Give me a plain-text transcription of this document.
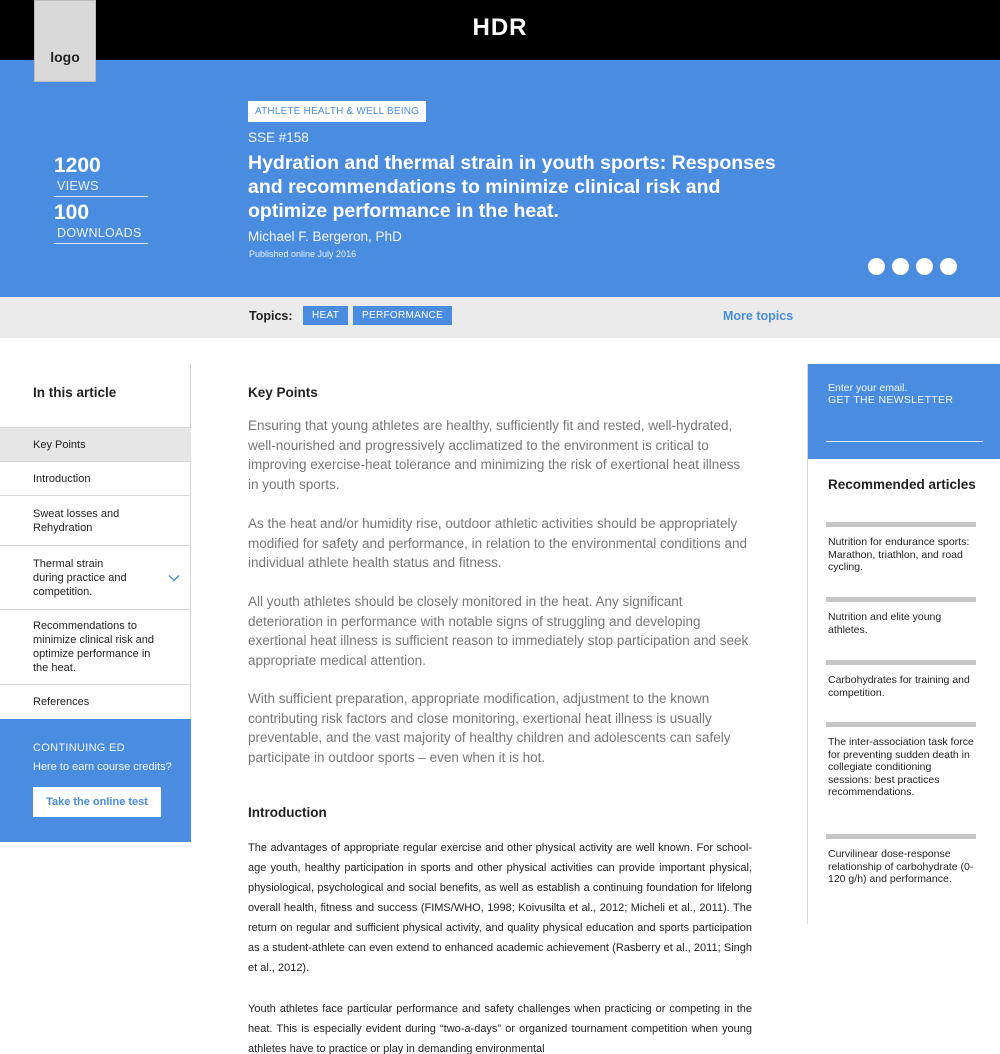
HDR
logo
1200
VIEWS
100
DOWNLOADS
ATHLETE HEALTH & WELL BEING
SSE #158
Hydration and thermal strain in youth sports: Responses and recommendations to minimize clinical risk and optimize performance in the heat.
Michael F. Bergeron, PhD
Published online July 2016
Topics:	HEAT	PERFORMANCE	More topics
In this article
Key Points
Introduction
Sweat losses and Rehydration
Thermal strain during practice and competition.
Recommendations to minimize clinical risk and optimize performance in the heat.
References
CONTINUING ED
Here to earn course credits?
Take the online test
Key Points

Ensuring that young athletes are healthy, sufficiently fit and rested, well-hydrated, well-nourished and progressively acclimatized to the environment is critical to improving exercise-heat tolerance and minimizing the risk of exertional heat illness in youth sports.

As the heat and/or humidity rise, outdoor athletic activities should be appropriately modified for safety and performance, in relation to the environmental conditions and individual athlete health status and fitness.

All youth athletes should be closely monitored in the heat. Any significant deterioration in performance with notable signs of struggling and developing exertional heat illness is sufficient reason to immediately stop participation and seek appropriate medical attention.

With sufficient preparation, appropriate modification, adjustment to the known contributing risk factors and close monitoring, exertional heat illness is usually preventable, and the vast majority of healthy children and adolescents can safely participate in outdoor sports – even when it is hot.

Introduction

The advantages of appropriate regular exercise and other physical activity are well known. For school-age youth, healthy participation in sports and other physical activities can provide important physical, physiological, psychological and social benefits, as well as establish a continuing foundation for lifelong overall health, fitness and success (FIMS/WHO, 1998; Koivusilta et al., 2012; Micheli et al., 2011). The return on regular and sufficient physical activity, and quality physical education and sports participation as a student-athlete can even extend to enhanced academic achievement (Rasberry et al., 2011; Singh et al., 2012).

Youth athletes face particular performance and safety challenges when practicing or competing in the heat. This is especially evident during “two-a-days” or organized tournament competition when young athletes have to practice or play in demanding environmental

Enter your email.
GET THE NEWSLETTER
Recommended articles
Nutrition for endurance sports: Marathon, triathlon, and road cycling.
Nutrition and elite young athletes.
Carbohydrates for training and competition.
The inter-association task force for preventing sudden death in collegiate conditioning sessions: best practices recommendations.
Curvilinear dose-response relationship of carbohydrate (0-120 g/h) and performance.
